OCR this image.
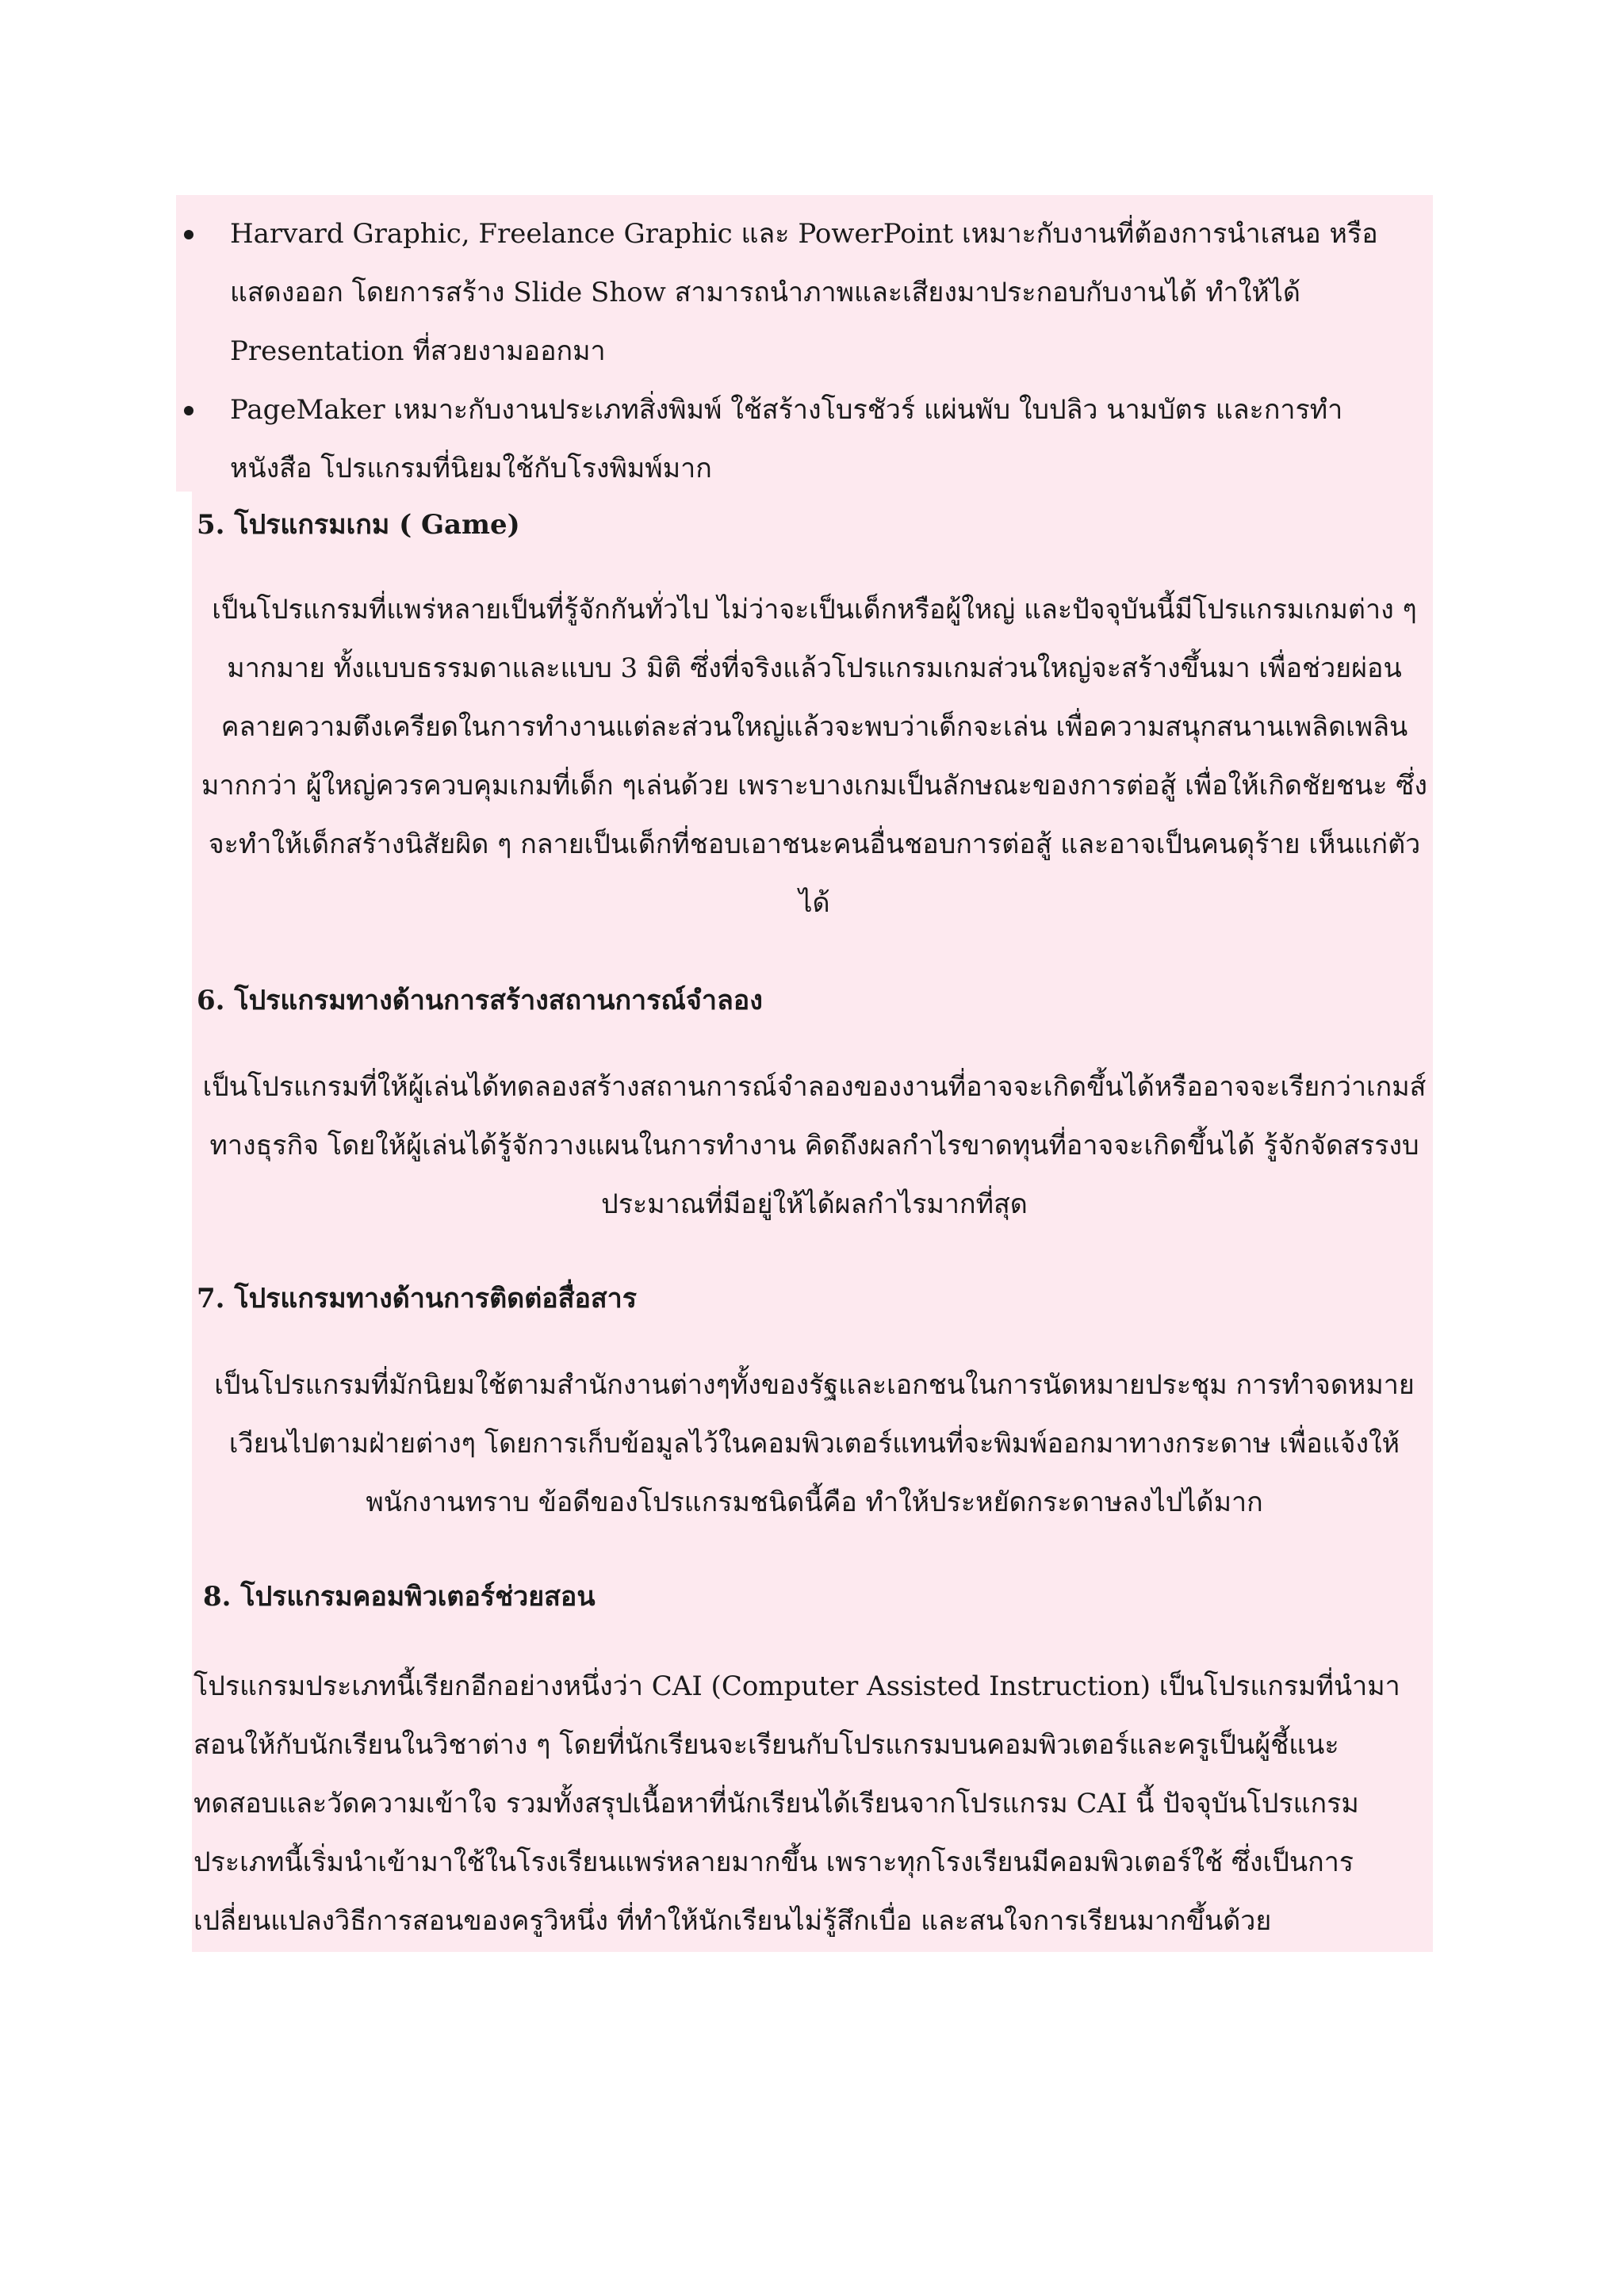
Harvard Graphic, Freelance Graphic และ PowerPoint เหมาะกับงานที่ต้องการนำเสนอ หรือแสดงออก โดยการสร้าง Slide Show สามารถนำภาพและเสียงมาประกอบกับงานได้ ทำให้ได้ Presentation ที่สวยงามออกมา
PageMaker เหมาะกับงานประเภทสิ่งพิมพ์ ใช้สร้างโบรชัวร์ แผ่นพับ ใบปลิว นามบัตร และการทำหนังสือ โปรแกรมที่นิยมใช้กับโรงพิมพ์มาก
5. โปรแกรมเกม ( Game)
เป็นโปรแกรมที่แพร่หลายเป็นที่รู้จักกันทั่วไป ไม่ว่าจะเป็นเด็กหรือผู้ใหญ่ และปัจจุบันนี้มีโปรแกรมเกมต่าง ๆ มากมาย ทั้งแบบธรรมดาและแบบ 3 มิติ ซึ่งที่จริงแล้วโปรแกรมเกมส่วนใหญ่จะสร้างขึ้นมา เพื่อช่วยผ่อนคลายความตึงเครียดในการทำงานแต่ละส่วนใหญ่แล้วจะพบว่าเด็กจะเล่น เพื่อความสนุกสนานเพลิดเพลินมากกว่า ผู้ใหญ่ควรควบคุมเกมที่เด็ก ๆเล่นด้วย เพราะบางเกมเป็นลักษณะของการต่อสู้ เพื่อให้เกิดชัยชนะ ซึ่งจะทำให้เด็กสร้างนิสัยผิด ๆ กลายเป็นเด็กที่ชอบเอาชนะคนอื่นชอบการต่อสู้ และอาจเป็นคนดุร้าย เห็นแก่ตัวได้
6. โปรแกรมทางด้านการสร้างสถานการณ์จำลอง
เป็นโปรแกรมที่ให้ผู้เล่นได้ทดลองสร้างสถานการณ์จำลองของงานที่อาจจะเกิดขึ้นได้หรืออาจจะเรียกว่าเกมส์ทางธุรกิจ โดยให้ผู้เล่นได้รู้จักวางแผนในการทำงาน คิดถึงผลกำไรขาดทุนที่อาจจะเกิดขึ้นได้ รู้จักจัดสรรงบประมาณที่มีอยู่ให้ได้ผลกำไรมากที่สุด
7. โปรแกรมทางด้านการติดต่อสื่อสาร
เป็นโปรแกรมที่มักนิยมใช้ตามสำนักงานต่างๆทั้งของรัฐและเอกชนในการนัดหมายประชุม การทำจดหมายเวียนไปตามฝ่ายต่างๆ โดยการเก็บข้อมูลไว้ในคอมพิวเตอร์แทนที่จะพิมพ์ออกมาทางกระดาษ เพื่อแจ้งให้พนักงานทราบ ข้อดีของโปรแกรมชนิดนี้คือ ทำให้ประหยัดกระดาษลงไปได้มาก
8. โปรแกรมคอมพิวเตอร์ช่วยสอน
โปรแกรมประเภทนี้เรียกอีกอย่างหนึ่งว่า CAI (Computer Assisted Instruction) เป็นโปรแกรมที่นำมาสอนให้กับนักเรียนในวิชาต่าง ๆ โดยที่นักเรียนจะเรียนกับโปรแกรมบนคอมพิวเตอร์และครูเป็นผู้ชี้แนะ ทดสอบและวัดความเข้าใจ รวมทั้งสรุปเนื้อหาที่นักเรียนได้เรียนจากโปรแกรม CAI นี้ ปัจจุบันโปรแกรมประเภทนี้เริ่มนำเข้ามาใช้ในโรงเรียนแพร่หลายมากขึ้น เพราะทุกโรงเรียนมีคอมพิวเตอร์ใช้ ซึ่งเป็นการเปลี่ยนแปลงวิธีการสอนของครูวิหนึ่ง ที่ทำให้นักเรียนไม่รู้สึกเบื่อ และสนใจการเรียนมากขึ้นด้วย
